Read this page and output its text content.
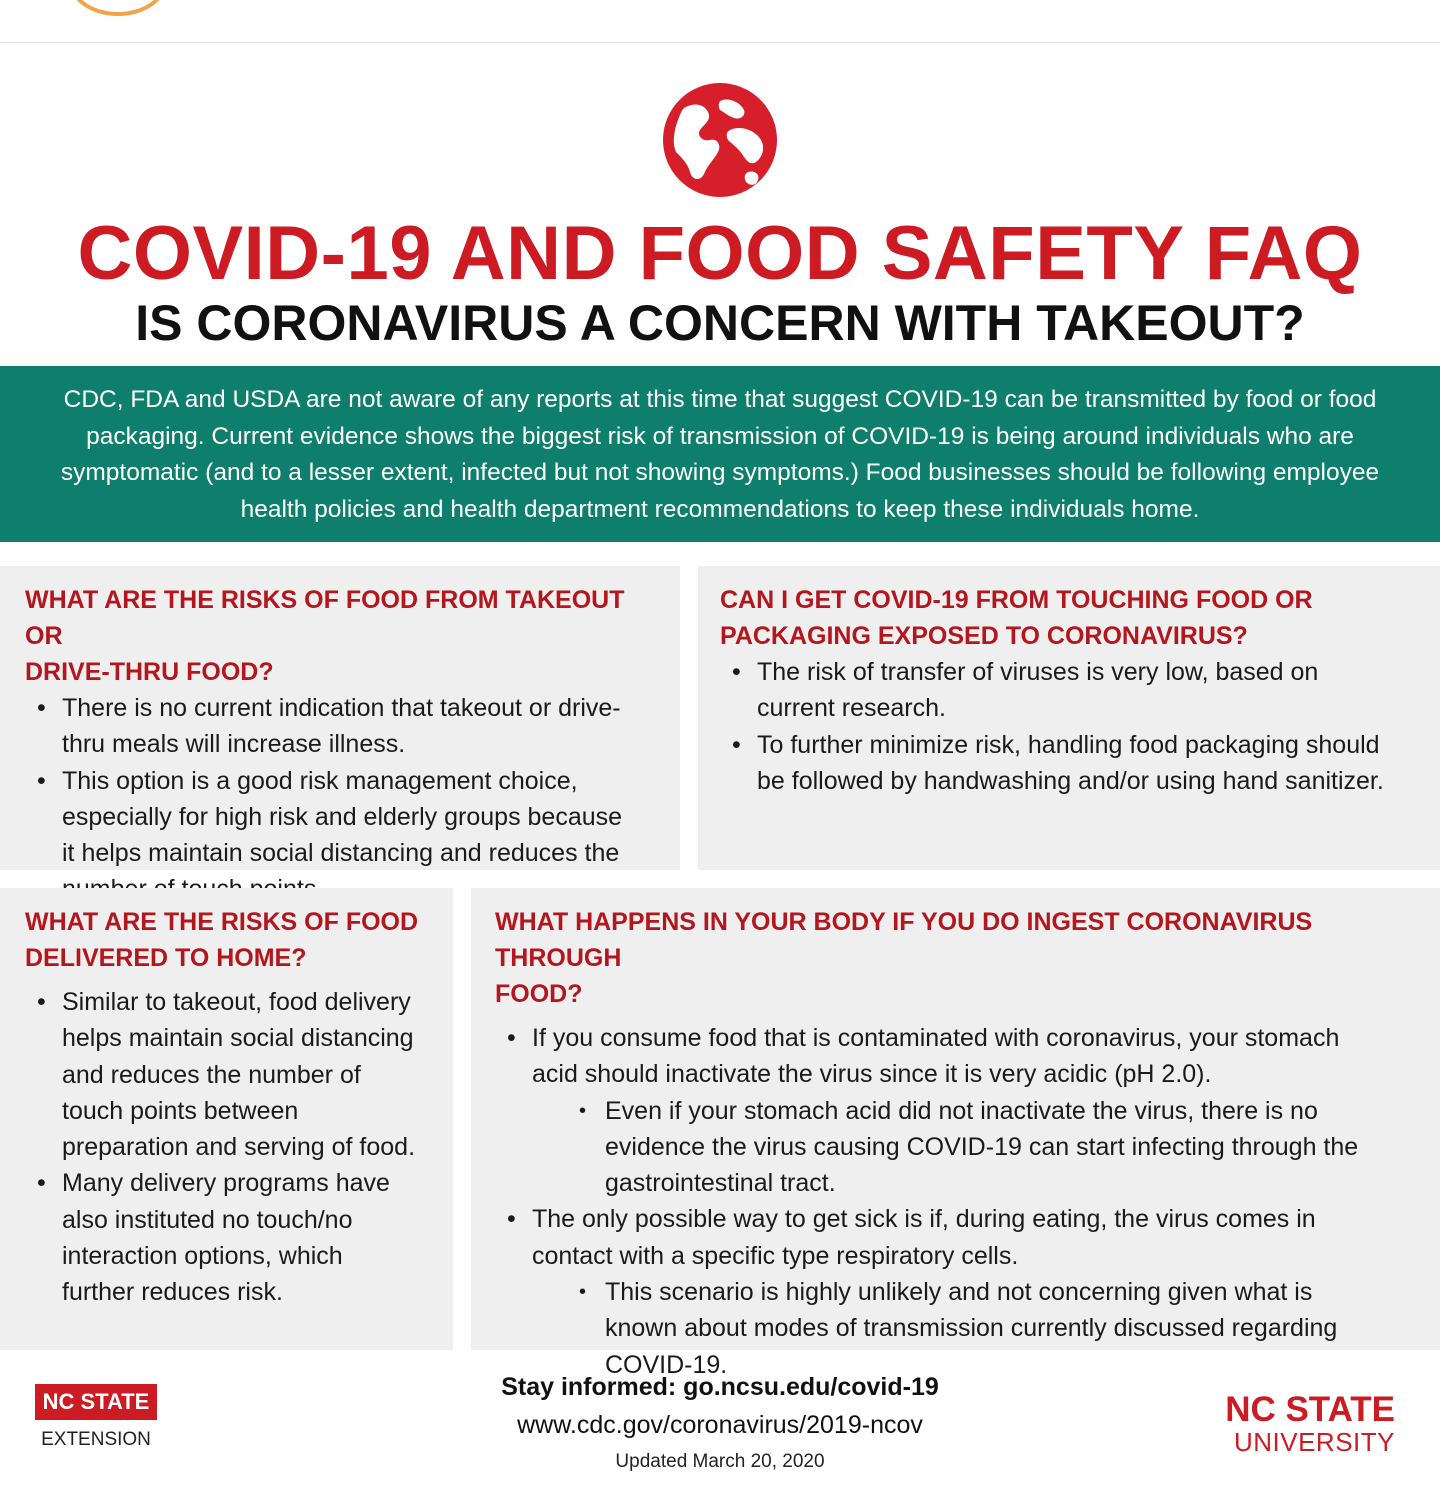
COVID-19 AND FOOD SAFETY FAQ
IS CORONAVIRUS A CONCERN WITH TAKEOUT?
CDC, FDA and USDA are not aware of any reports at this time that suggest COVID-19 can be transmitted by food or food
packaging. Current evidence shows the biggest risk of transmission of COVID-19 is being around individuals who are
symptomatic (and to a lesser extent, infected but not showing symptoms.) Food businesses should be following employee
health policies and health department recommendations to keep these individuals home.
WHAT ARE THE RISKS OF FOOD FROM TAKEOUT OR
DRIVE-THRU FOOD?
• There is no current indication that takeout or drive-
thru meals will increase illness.
• This option is a good risk management choice,
especially for high risk and elderly groups because
it helps maintain social distancing and reduces the
CAN I GET COVID-19 FROM TOUCHING FOOD OR
PACKAGING EXPOSED TO CORONAVIRUS?
• The risk of transfer of viruses is very low, based on
current research.
• To further minimize risk, handling food packaging should
be followed by handwashing and/or using hand sanitizer.
WHAT ARE THE RISKS OF FOOD
DELIVERED TO HOME?
• Similar to takeout, food delivery
helps maintain social distancing
and reduces the number of
touch points between
preparation and serving of food.
• Many delivery programs have
also instituted no touch/no
interaction options, which
further reduces risk.
WHAT HAPPENS IN YOUR BODY IF YOU DO INGEST CORONAVIRUS THROUGH
FOOD?
• If you consume food that is contaminated with coronavirus, your stomach
acid should inactivate the virus since it is very acidic (pH 2.0).
• Even if your stomach acid did not inactivate the virus, there is no
evidence the virus causing COVID-19 can start infecting through the
gastrointestinal tract.
• The only possible way to get sick is if, during eating, the virus comes in
contact with a specific type respiratory cells.
• This scenario is highly unlikely and not concerning given what is
known about modes of transmission currently discussed regarding
COVID-19.
NC STATE
EXTENSION
Stay informed: go.ncsu.edu/covid-19
www.cdc.gov/coronavirus/2019-ncov
Updated March 20, 2020
NC STATE
UNIVERSITY
